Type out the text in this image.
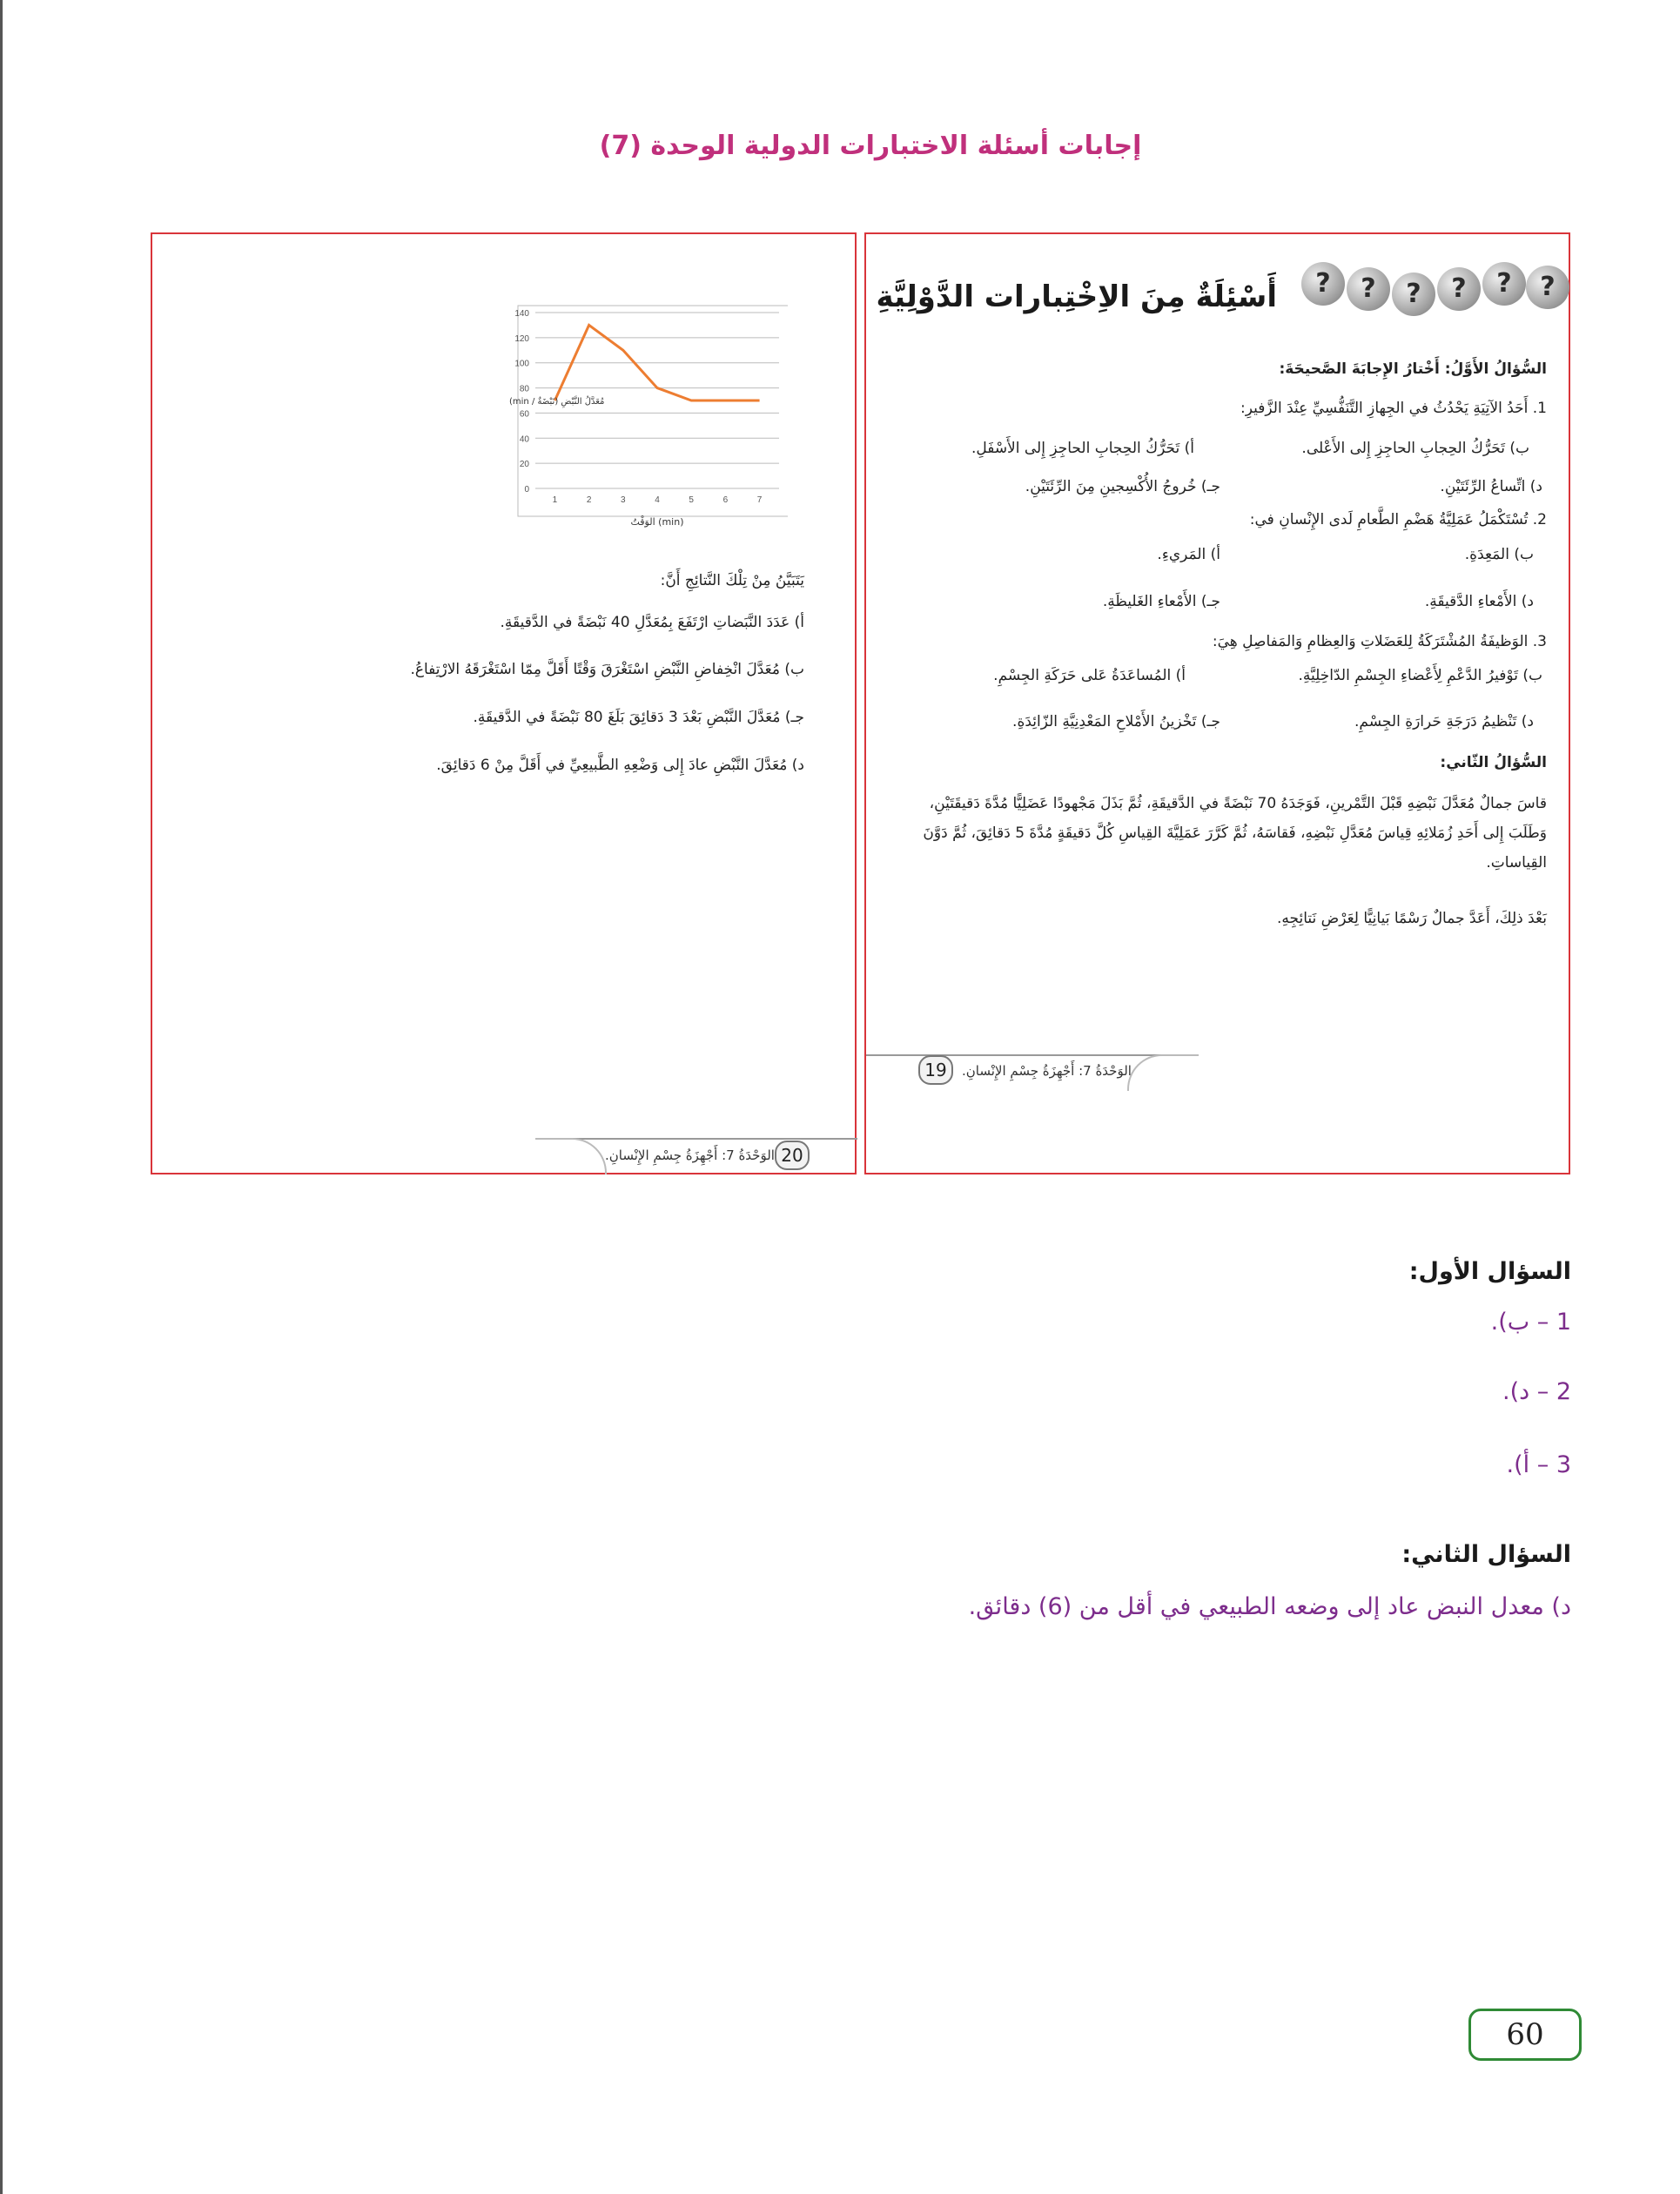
إجابات أسئلة الاختبارات الدولية الوحدة (7)
?	?	?	?	?	?
أَسْئِلَةٌ مِنَ الاِخْتِبارات الدَّوْلِيَّةِ
السُّؤالُ الأَوَّلُ: أَخْتارُ الإِجابَةَ الصَّحيحَةَ:
1. أَحَدُ الآتِيَةِ يَحْدُثُ في الجِهازِ التَّنَفُّسِيِّ عِنْدَ الزَّفيرِ:
أ) تَحَرُّكُ الحِجابِ الحاجِزِ إِلى الأَسْفَلِ.	ب) تَحَرُّكُ الحِجابِ الحاجِزِ إِلى الأَعْلى.
جـ) خُروجُ الأُكْسِجينِ مِنَ الرِّئَتَيْنِ.	د) اتِّساعُ الرِّئَتَيْنِ.
2. تُسْتَكْمَلُ عَمَلِيَّةُ هَضْمِ الطَّعامِ لَدى الإِنْسانِ في:
أ) المَريءِ.	ب) المَعِدَةِ.
جـ) الأَمْعاءِ الغَليظَةِ.	د) الأَمْعاءِ الدَّقيقَةِ.
3. الوَظيفَةُ المُشْتَرَكَةُ لِلعَضَلاتِ وَالعِظامِ وَالمَفاصِلِ هِيَ:
أ) المُساعَدَةُ عَلى حَرَكَةِ الجِسْمِ.	ب) تَوْفيرُ الدَّعْمِ لِأَعْضاءِ الجِسْمِ الدّاخِلِيَّةِ.
جـ) تَخْزينُ الأَمْلاحِ المَعْدِنِيَّةِ الزّائِدَةِ.	د) تَنْظيمُ دَرَجَةِ حَرارَةِ الجِسْمِ.
السُّؤالُ الثّاني:
قاسَ جمالٌ مُعَدَّلَ نَبْضِهِ قَبْلَ التَّمْرينِ، فَوَجَدَهُ 70 نَبْضَةً في الدَّقيقَةِ، ثُمَّ بَذَلَ مَجْهودًا عَضَلِيًّا مُدَّةَ دَقيقَتَيْنِ، وَطَلَبَ إِلى أَحَدِ زُمَلائِهِ قِياسَ مُعَدَّلِ نَبْضِهِ، فَقاسَهُ، ثُمَّ كَرَّرَ عَمَلِيَّةَ القِياسِ كُلَّ دَقيقَةٍ مُدَّةَ 5 دَقائِقَ، ثُمَّ دَوَّنَ القِياساتِ.
بَعْدَ ذلِكَ، أَعَدَّ جمالٌ رَسْمًا بَيانِيًّا لِعَرْضِ نَتائِجِهِ.
19	الوَحْدَةُ 7: أَجْهِزَةُ جِسْمِ الإِنْسانِ.
0
20
40
60
80
100
120
140
1	2	3	4	5	6	7
الوَقْتُ (min)
مُعَدَّلُ النَّبْضِ (نَبْضَةٌ / min)
يَتَبَيَّنُ مِنْ تِلْكَ النَّتائِجِ أَنَّ:
أ) عَدَدَ النَّبَضاتِ ارْتَفَعَ بِمُعَدَّلِ 40 نَبْضَةً في الدَّقيقَةِ.
ب) مُعَدَّلَ انْخِفاضِ النَّبْضِ اسْتَغْرَقَ وَقْتًا أَقَلَّ مِمّا اسْتَغْرَقَهُ الارْتِفاعُ.
جـ) مُعَدَّلَ النَّبْضِ بَعْدَ 3 دَقائِقَ بَلَغَ 80 نَبْضَةً في الدَّقيقَةِ.
د) مُعَدَّلَ النَّبْضِ عادَ إِلى وَضْعِهِ الطَّبيعِيِّ في أَقَلَّ مِنْ 6 دَقائِقَ.
20
الوَحْدَةُ 7: أَجْهِزَةُ جِسْمِ الإِنْسانِ.
السؤال الأول:
1 – ب).
2 – د).
3 – أ).
السؤال الثاني:
د) معدل النبض عاد إلى وضعه الطبيعي في أقل من (6) دقائق.
60
